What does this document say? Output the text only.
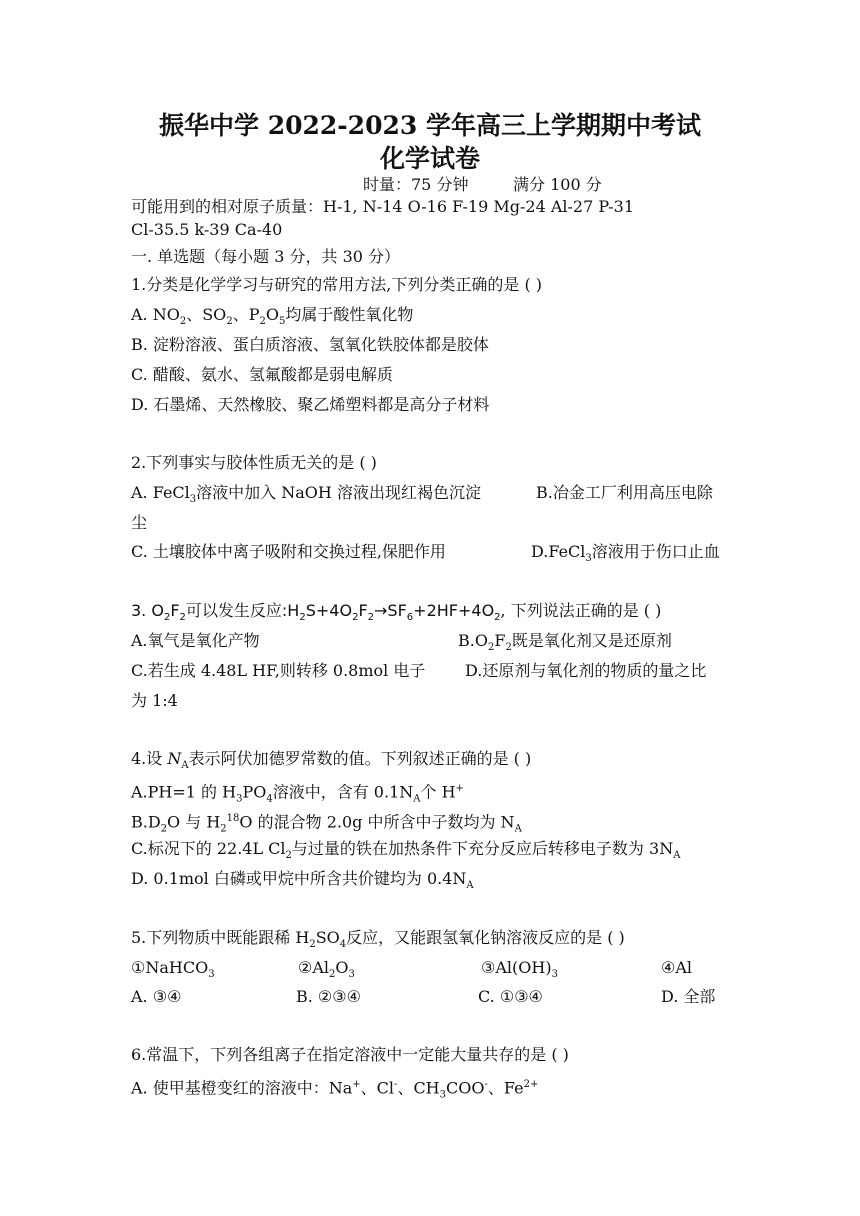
振华中学 2022-2023 学年高三上学期期中考试
化学试卷
时量：75 分钟	满分 100 分
可能用到的相对原子质量：H-1, N-14 O-16 F-19 Mg-24 Al-27 P-31
Cl-35.5 k-39 Ca-40
一. 单选题（每小题 3 分，共 30 分）
1.分类是化学学习与研究的常用方法,下列分类正确的是 ( )
A. $NO_2$、$SO_2$、$P_2O_5$均属于酸性氧化物
B. 淀粉溶液、蛋白质溶液、氢氧化铁胶体都是胶体
C. 醋酸、氨水、氢氟酸都是弱电解质
D. 石墨烯、天然橡胶、聚乙烯塑料都是高分子材料
2.下列事实与胶体性质无关的是 ( )
A. FeCl$_3$溶液中加入 NaOH 溶液出现红褐色沉淀	B.冶金工厂利用高压电除
尘
C. 土壤胶体中离子吸附和交换过程,保肥作用	D.FeCl$_3$溶液用于伤口止血
3. $O_2F_2$可以发生反应$:H_2S+4O_2F_2\to SF_6+2HF+4O_2$, 下列说法正确的是 ( )
A.氧气是氧化产物	$B.O_2F_2$既是氧化剂又是还原剂
C.若生成 4.48L HF,则转移 0.8mol 电子 D.还原剂与氧化剂的物质的量之比
为 1:4
4.设 $N_A$表示阿伏加德罗常数的值。下列叙述正确的是 ( )
A.PH=1 的 $H_3PO_4$溶液中，含有 $0.1N_A$个 H+
$B.D_2O$ 与 $H_2^{18}O$ 的混合物 2.0g 中所含中子数均为 $N_A$
C.标况下的 22.4L $Cl_2$与过量的铁在加热条件下充分反应后转移电子数为 $3N_A$
D. 0.1mol 白磷或甲烷中所含共价键均为 $0.4N_A$
5.下列物质中既能跟稀 $H_2SO_4$反应，又能跟氢氧化钠溶液反应的是 ( )
①NaHCO$_3$	$②Al_2O_3$	$③Al(OH)_3$	④Al
A. ③④	B. ②③④	C. ①③④	D. 全部
6.常温下，下列各组离子在指定溶液中一定能大量共存的是 ( )
A. 使甲基橙变红的溶液中：Na+、Cl-、$CH_3COO^-$、$Fe^{2+}$
